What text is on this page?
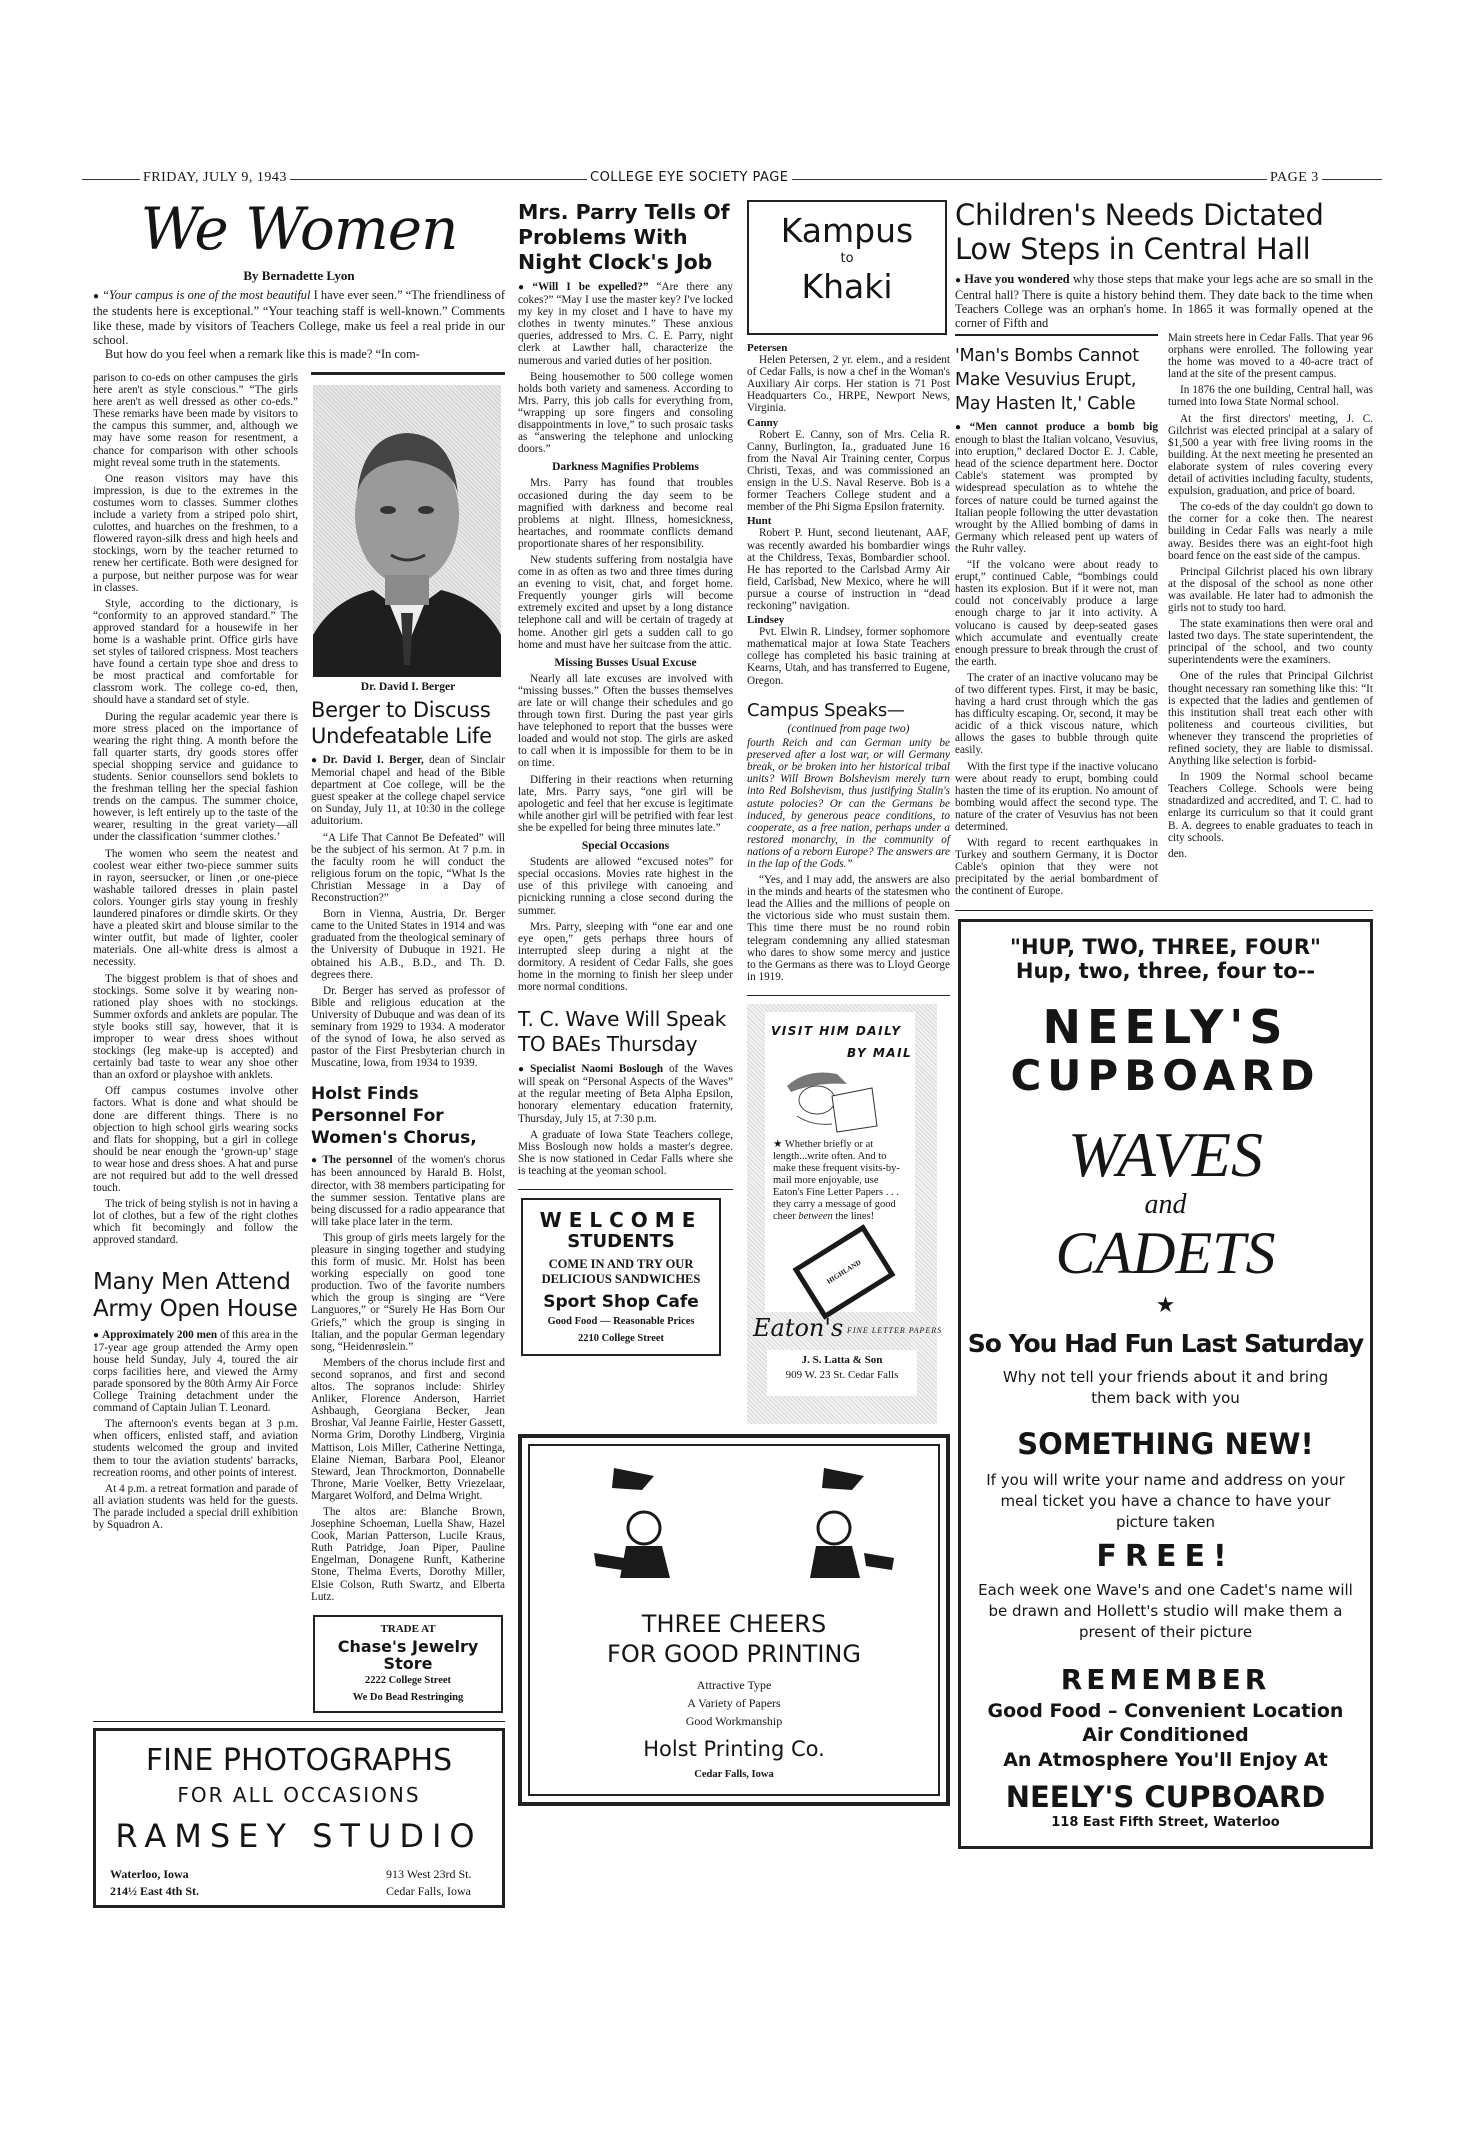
FRIDAY, JULY 9, 1943	COLLEGE EYE SOCIETY PAGE	PAGE 3
We Women
By Bernadette Lyon

● “Your campus is one of the most beautiful I have ever seen.” “The friendliness of the students here is exceptional.” “Your teaching staff is well-known.” Comments like these, made by visitors of Teachers College, make us feel a real pride in our school.

But how do you feel when a remark like this is made? “In com-

parison to co-eds on other campuses the girls here aren't as style conscious.” “The girls here aren't as well dressed as other co-eds.” These remarks have been made by visitors to the campus this summer, and, although we may have some reason for resentment, a chance for comparison with other schools might reveal some truth in the statements.

One reason visitors may have this impression, is due to the extremes in the costumes worn to classes. Summer clothes include a variety from a striped polo shirt, culottes, and huarches on the freshmen, to a flowered rayon-silk dress and high heels and stockings, worn by the teacher returned to renew her certificate. Both were designed for a purpose, but neither purpose was for wear in classes.

Style, according to the dictionary, is “conformity to an approved standard.” The approved standard for a housewife in her home is a washable print. Office girls have set styles of tailored crispness. Most teachers have found a certain type shoe and dress to be most practical and comfortable for classrom work. The college co-ed, then, should have a standard set of style.

During the regular academic year there is more stress placed on the importance of wearing the right thing. A month before the fall quarter starts, dry goods stores offer special shopping service and guidance to students. Senior counsellors send boklets to the freshman telling her the special fashion trends on the campus. The summer choice, however, is left entirely up to the taste of the wearer, resulting in the great variety—all under the classification ‘summer clothes.’

The women who seem the neatest and coolest wear either two-piece summer suits in rayon, seersucker, or linen ,or one-piece washable tailored dresses in plain pastel colors. Younger girls stay young in freshly laundered pinafores or dirndle skirts. Or they have a pleated skirt and blouse similar to the winter outfit, but made of lighter, cooler materials. One all-white dress is almost a necessity.

The biggest problem is that of shoes and stockings. Some solve it by wearing non-rationed play shoes with no stockings. Summer oxfords and anklets are popular. The style books still say, however, that it is improper to wear dress shoes without stockings (leg make-up is accepted) and certainly bad taste to wear any shoe other than an oxford or playshoe with anklets.

Off campus costumes involve other factors. What is done and what should be done are different things. There is no objection to high school girls wearing socks and flats for shopping, but a girl in college should be near enough the ‘grown-up’ stage to wear hose and dress shoes. A hat and purse are not required but add to the well dressed touch.

The trick of being stylish is not in having a lot of clothes, but a few of the right clothes which fit becomingly and follow the approved standard.

Many Men Attend Army Open House

● Approximately 200 men of this area in the 17-year age group attended the Army open house held Sunday, July 4, toured the air corps facilities here, and viewed the Army parade sponsored by the 80th Army Air Force College Training detachment under the command of Captain Julian T. Leonard.

The afternoon's events began at 3 p.m. when officers, enlisted staff, and aviation students welcomed the group and invited them to tour the aviation students' barracks, recreation rooms, and other points of interest.

At 4 p.m. a retreat formation and parade of all aviation students was held for the guests. The parade included a special drill exhibition by Squadron A.

Dr. David I. Berger
Berger to Discuss Undefeatable Life

● Dr. David I. Berger, dean of Sinclair Memorial chapel and head of the Bible department at Coe college, will be the guest speaker at the college chapel service on Sunday, July 11, at 10:30 in the college aduitorium.

“A Life That Cannot Be Defeated” will be the subject of his sermon. At 7 p.m. in the faculty room he will conduct the religious forum on the topic, “What Is the Christian Message in a Day of Reconstruction?”

Born in Vienna, Austria, Dr. Berger came to the United States in 1914 and was graduated from the theological seminary of the University of Dubuque in 1921. He obtained his A.B., B.D., and Th. D. degrees there.

Dr. Berger has served as professor of Bible and religious education at the University of Dubuque and was dean of its seminary from 1929 to 1934. A moderator of the synod of Iowa, he also served as pastor of the First Presbyterian church in Muscatine, Iowa, from 1934 to 1939.

Holst Finds Personnel For Women's Chorus,

● The personnel of the women's chorus has been announced by Harald B. Holst, director, with 38 members participating for the summer session. Tentative plans are being discussed for a radio appearance that will take place later in the term.

This group of girls meets largely for the pleasure in singing together and studying this form of music. Mr. Holst has been working especially on good tone production. Two of the favorite numbers which the group is singing are “Vere Languores,” or “Surely He Has Born Our Griefs,” which the group is singing in Italian, and the popular German legendary song, “Heidenrøslein.”

Members of the chorus include first and second sopranos, and first and second altos. The sopranos include: Shirley Anliker, Florence Anderson, Harriet Ashbaugh, Georgiana Becker, Jean Broshar, Val Jeanne Fairlie, Hester Gassett, Norma Grim, Dorothy Lindberg, Virginia Mattison, Lois Miller, Catherine Nettinga, Elaine Nieman, Barbara Pool, Eleanor Steward, Jean Throckmorton, Donnabelle Throne, Marie Voelker, Betty Vriezelaar, Margaret Wolford, and Delma Wright.

The altos are: Blanche Brown, Josephine Schoeman, Luella Shaw, Hazel Cook, Marian Patterson, Lucile Kraus, Ruth Patridge, Joan Piper, Pauline Engelman, Donagene Runft, Katherine Stone, Thelma Everts, Dorothy Miller, Elsie Colson, Ruth Swartz, and Elberta Lutz.

TRADE AT
Chase's Jewelry Store
2222 College Street
We Do Bead Restringing
FINE PHOTOGRAPHS
FOR ALL OCCASIONS
RAMSEY STUDIO
Waterloo, Iowa
214½ East 4th St.
913 West 23rd St.
Cedar Falls, Iowa
Mrs. Parry Tells Of Problems With Night Clock's Job

● “Will I be expelled?” “Are there any cokes?” “May I use the master key? I've locked my key in my closet and I have to have my clothes in twenty minutes.” These anxious queries, addressed to Mrs. C. E. Parry, night clerk at Lawther hall, characterize the numerous and varied duties of her position.

Being housemother to 500 college women holds both variety and sameness. According to Mrs. Parry, this job calls for everything from, “wrapping up sore fingers and consoling disappointments in love,” to such prosaic tasks as “answering the telephone and unlocking doors.”

Darkness Magnifies Problems

Mrs. Parry has found that troubles occasioned during the day seem to be magnified with darkness and become real problems at night. Illness, homesickness, heartaches, and roommate conflicts demand proportionate shares of her responsibility.

New students suffering from nostalgia have come in as often as two and three times during an evening to visit, chat, and forget home. Frequently younger girls will become extremely excited and upset by a long distance telephone call and will be certain of tragedy at home. Another girl gets a sudden call to go home and must have her suitcase from the attic.

Missing Busses Usual Excuse

Nearly all late excuses are involved with “missing busses.” Often the busses themselves are late or will change their schedules and go through town first. During the past year girls have telephoned to report that the busses were loaded and would not stop. The girls are asked to call when it is impossible for them to be in on time.

Differing in their reactions when returning late, Mrs. Parry says, “one girl will be apologetic and feel that her excuse is legitimate while another girl will be petrified with fear lest she be expelled for being three minutes late.”

Special Occasions

Students are allowed “excused notes” for special occasions. Movies rate highest in the use of this privilege with canoeing and picnicking running a close second during the summer.

Mrs. Parry, sleeping with “one ear and one eye open,” gets perhaps three hours of interrupted sleep during a night at the dormitory. A resident of Cedar Falls, she goes home in the morning to finish her sleep under more normal conditions.

T. C. Wave Will Speak TO BAEs Thursday

● Specialist Naomi Boslough of the Waves will speak on “Personal Aspects of the Waves” at the regular meeting of Beta Alpha Epsilon, honorary elementary education fraternity, Thursday, July 15, at 7:30 p.m.

A graduate of Iowa State Teachers college, Miss Boslough now holds a master's degree. She is now stationed in Cedar Falls where she is teaching at the yeoman school.

WELCOME
STUDENTS
COME IN AND TRY OUR
DELICIOUS SANDWICHES
Sport Shop Cafe
Good Food — Reasonable Prices
2210 College Street
Kampus
to
Khaki
Petersen

Helen Petersen, 2 yr. elem., and a resident of Cedar Falls, is now a chef in the Woman's Auxiliary Air corps. Her station is 71 Post Headquarters Co., HRPE, Newport News, Virginia.

Canny

Robert E. Canny, son of Mrs. Celia R. Canny, Burlington, Ia., graduated June 16 from the Naval Air Training center, Corpus Christi, Texas, and was commissioned an ensign in the U.S. Naval Reserve. Bob is a former Teachers College student and a member of the Phi Sigma Epsilon fraternity.

Hunt

Robert P. Hunt, second lieutenant, AAF, was recently awarded his bombardier wings at the Childress, Texas, Bombardier school. He has reported to the Carlsbad Army Air field, Carlsbad, New Mexico, where he will pursue a course of instruction in “dead reckoning” navigation.

Lindsey

Pvt. Elwin R. Lindsey, former sophomore mathematical major at Iowa State Teachers college has completed his basic training at Kearns, Utah, and has transferred to Eugene, Oregon.

Campus Speaks—
(continued from page two)

fourth Reich and can German unity be preserved after a lost war, or will Germany break, or be broken into her historical tribal units? Will Brown Bolshevism merely turn into Red Bolshevism, thus justifying Stalin's astute polocies? Or can the Germans be induced, by generous peace conditions, to cooperate, as a free nation, perhaps under a restored monarchy, in the community of nations of a reborn Europe? The answers are in the lap of the Gods.”

“Yes, and I may add, the answers are also in the minds and hearts of the statesmen who lead the Allies and the millions of people on the victorious side who must sustain them. This time there must be no round robin telegram condemning any allied statesman who dares to show some mercy and justice to the Germans as there was to Lloyd George in 1919.

VISIT HIM DAILY
BY MAIL
★ Whether briefly or at length...write often. And to make these frequent visits-by-mail more enjoyable, use Eaton's Fine Letter Papers . . . they carry a message of good cheer between the lines!
HIGHLAND
Eaton's FINE LETTER PAPERS
J. S. Latta & Son
909 W. 23 St. Cedar Falls
THREE CHEERS
FOR GOOD PRINTING
Attractive Type
A Variety of Papers
Good Workmanship
Holst Printing Co.
Cedar Falls, Iowa
Children's Needs Dictated Low Steps in Central Hall

● Have you wondered why those steps that make your legs ache are so small in the Central hall? There is quite a history behind them. They date back to the time when Teachers College was an orphan's home. In 1865 it was formally opened at the corner of Fifth and

'Man's Bombs Cannot Make Vesuvius Erupt, May Hasten It,' Cable

● “Men cannot produce a bomb big enough to blast the Italian volcano, Vesuvius, into eruption,” declared Doctor E. J. Cable, head of the science department here. Doctor Cable's statement was prompted by widespread speculation as to whtehe the forces of nature could be turned against the Italian people following the utter devastation wrought by the Allied bombing of dams in Germany which released pent up waters of the Ruhr valley.

“If the volcano were about ready to erupt,” continued Cable, “bombings could hasten its explosion. But if it were not, man could not conceivably produce a large enough charge to jar it into activity. A volucano is caused by deep-seated gases which accumulate and eventually create enough pressure to break through the crust of the earth.

The crater of an inactive volucano may be of two different types. First, it may be basic, having a hard crust through which the gas has difficulty escaping. Or, second, it may be acidic of a thick viscous nature, which allows the gases to bubble through quite easily.

With the first type if the inactive volucano were about ready to erupt, bombing could hasten the time of its eruption. No amount of bombing would affect the second type. The nature of the crater of Vesuvius has not been determined.

With regard to recent earthquakes in Turkey and southern Germany, it is Doctor Cable's opinion that they were not precipitated by the aerial bombardment of the continent of Europe.

Main streets here in Cedar Falls. That year 96 orphans were enrolled. The following year the home was moved to a 40-acre tract of land at the site of the present campus.

In 1876 the one building, Central hall, was turned into Iowa State Normal school.

At the first directors' meeting, J. C. Gilchrist was elected principal at a salary of $1,500 a year with free living rooms in the building. At the next meeting he presented an elaborate system of rules covering every detail of activities including faculty, students, expulsion, graduation, and price of board.

The co-eds of the day couldn't go down to the corner for a coke then. The nearest building in Cedar Falls was nearly a mile away. Besides there was an eight-foot high board fence on the east side of the campus.

Principal Gilchrist placed his own library at the disposal of the school as none other was available. He later had to admonish the girls not to study too hard.

The state examinations then were oral and lasted two days. The state superintendent, the principal of the school, and two county superintendents were the examiners.

One of the rules that Principal Gilchrist thought necessary ran something like this: “It is expected that the ladies and gentlemen of this institution shall treat each other with politeness and courteous civilities, but whenever they transcend the proprieties of refined society, they are liable to dismissal. Anything like selection is forbid-

In 1909 the Normal school became Teachers College. Schools were being stnadardized and accredited, and T. C. had to enlarge its curriculum so that it could grant B. A. degrees to enable graduates to teach in city schools.

den.

"HUP, TWO, THREE, FOUR"
Hup, two, three, four to--
NEELY'S
CUPBOARD
WAVES
and
CADETS
★
So You Had Fun Last Saturday
Why not tell your friends about it and bring them back with you
SOMETHING NEW!
If you will write your name and address on your meal ticket you have a chance to have your picture taken
FREE!
Each week one Wave's and one Cadet's name will be drawn and Hollett's studio will make them a present of their picture
REMEMBER
Good Food – Convenient Location
Air Conditioned
An Atmosphere You'll Enjoy At
NEELY'S CUPBOARD
118 East Fifth Street, Waterloo
